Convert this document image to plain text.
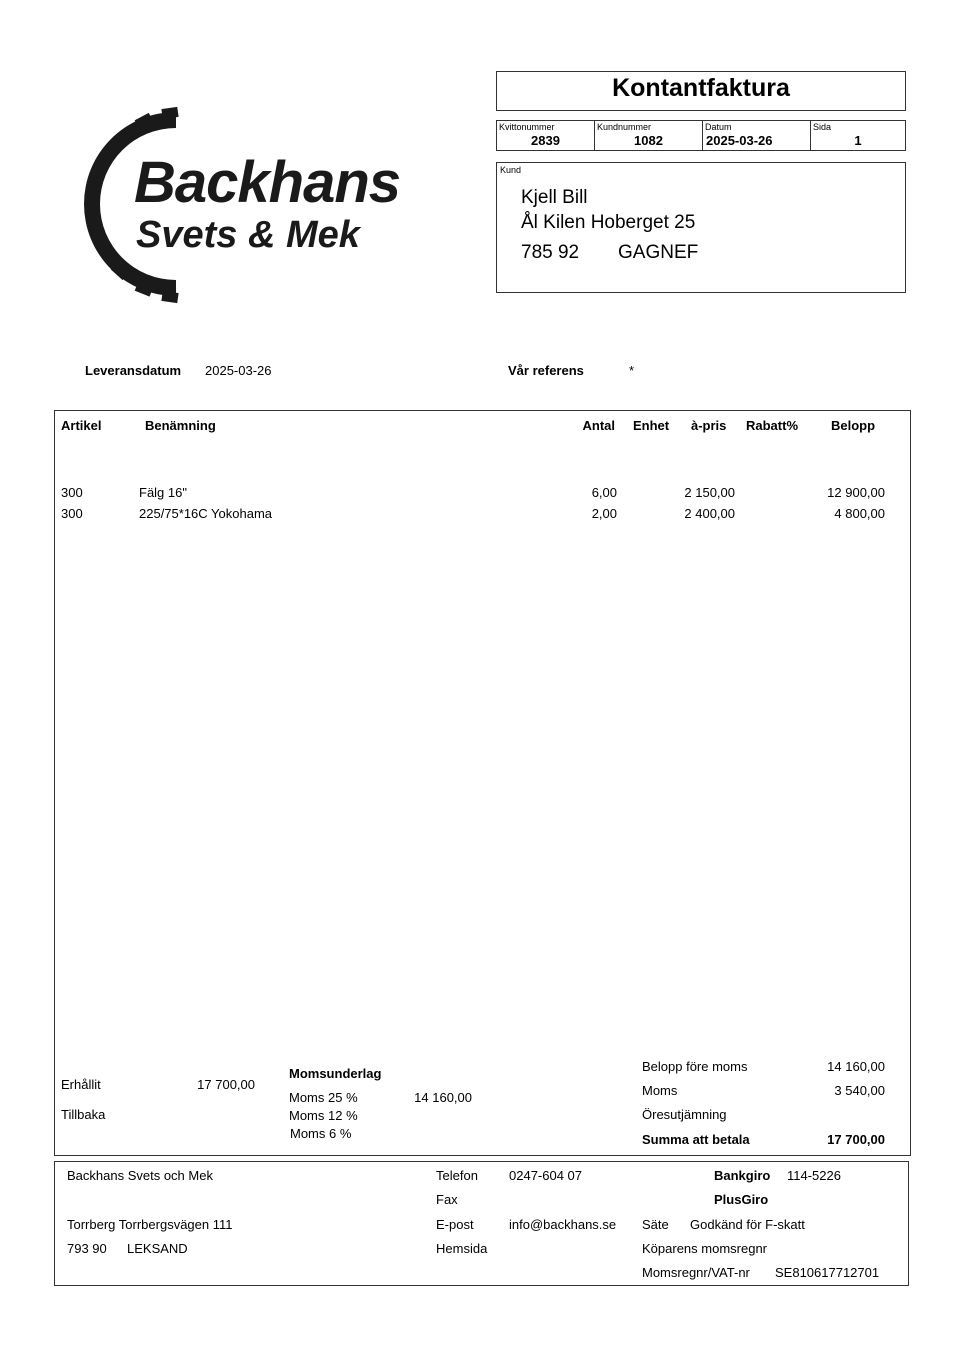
Backhans
Svets & Mek
Kontantfaktura
Kvittonummer
2839
Kundnummer
1082
Datum
2025-03-26
Sida
1
Kund
Kjell Bill
Ål Kilen Hoberget 25
785 92 GAGNEF
Leveransdatum 2025-03-26	Vår referens	*
Artikel	Benämning	Antal Enhet à-pris Rabatt%	Belopp
300	Fälg 16"	6,00	2 150,00	12 900,00
300	225/75*16C Yokohama	2,00	2 400,00	4 800,00
Erhållit	17 700,00
Tillbaka
Momsunderlag
Moms 25 %	14 160,00
Moms 12 %
Moms 6 %
Belopp före moms	14 160,00
Moms	3 540,00
Öresutjämning
Summa att betala	17 700,00
Backhans Svets och Mek
Torrberg Torrbergsvägen 111
793 90 LEKSAND
Telefon 0247-604 07
Fax
E-post	info@backhans.se
Hemsida
Bankgiro 114-5226
PlusGiro
Säte Godkänd för F-skatt
Köparens momsregnr
Momsregnr/VAT-nr SE810617712701
